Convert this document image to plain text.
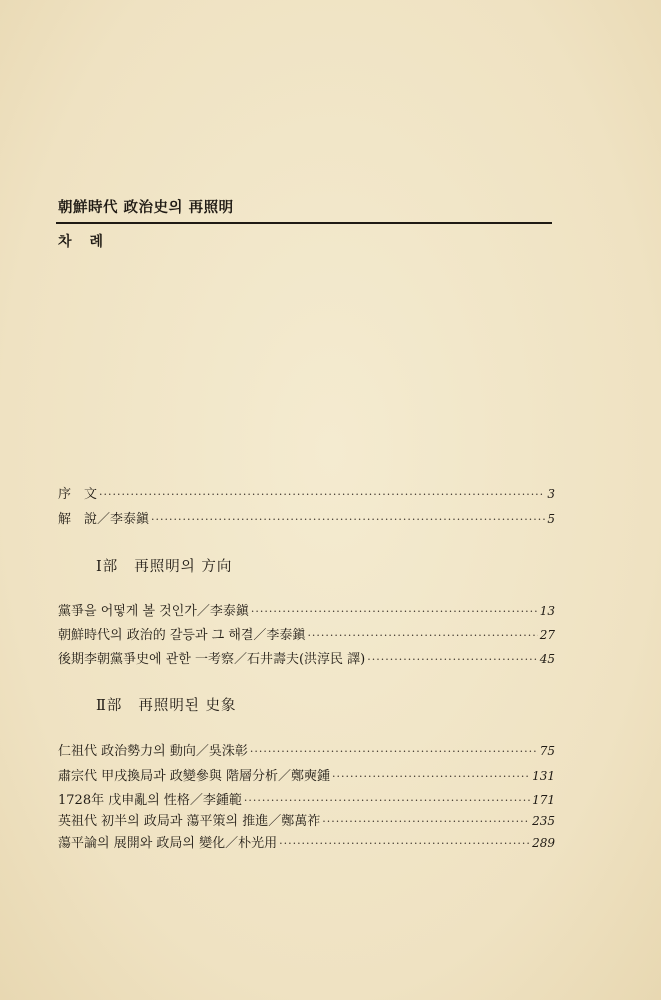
朝鮮時代 政治史의 再照明
차례
序　文 ·····	3
解　說／李泰鎭 ·····	5
Ⅰ部 再照明의 方向
黨爭을 어떻게 볼 것인가／李泰鎭 ·····	13
朝鮮時代의 政治的 갈등과 그 해결／李泰鎭 ·····	27
後期李朝黨爭史에 관한 一考察／石井壽夫(洪淳民 譯) ·····	45
Ⅱ部 再照明된 史象
仁祖代 政治勢力의 動向／吳洙彰 ·····	75
肅宗代 甲戌換局과 政變參與 階層分析／鄭奭鍾 ·····	131
1728年 戊申亂의 性格／李鍾範 ·····	171
英祖代 初半의 政局과 蕩平策의 推進／鄭萬祚 ·····	235
蕩平論의 展開와 政局의 變化／朴光用 ·····	289
